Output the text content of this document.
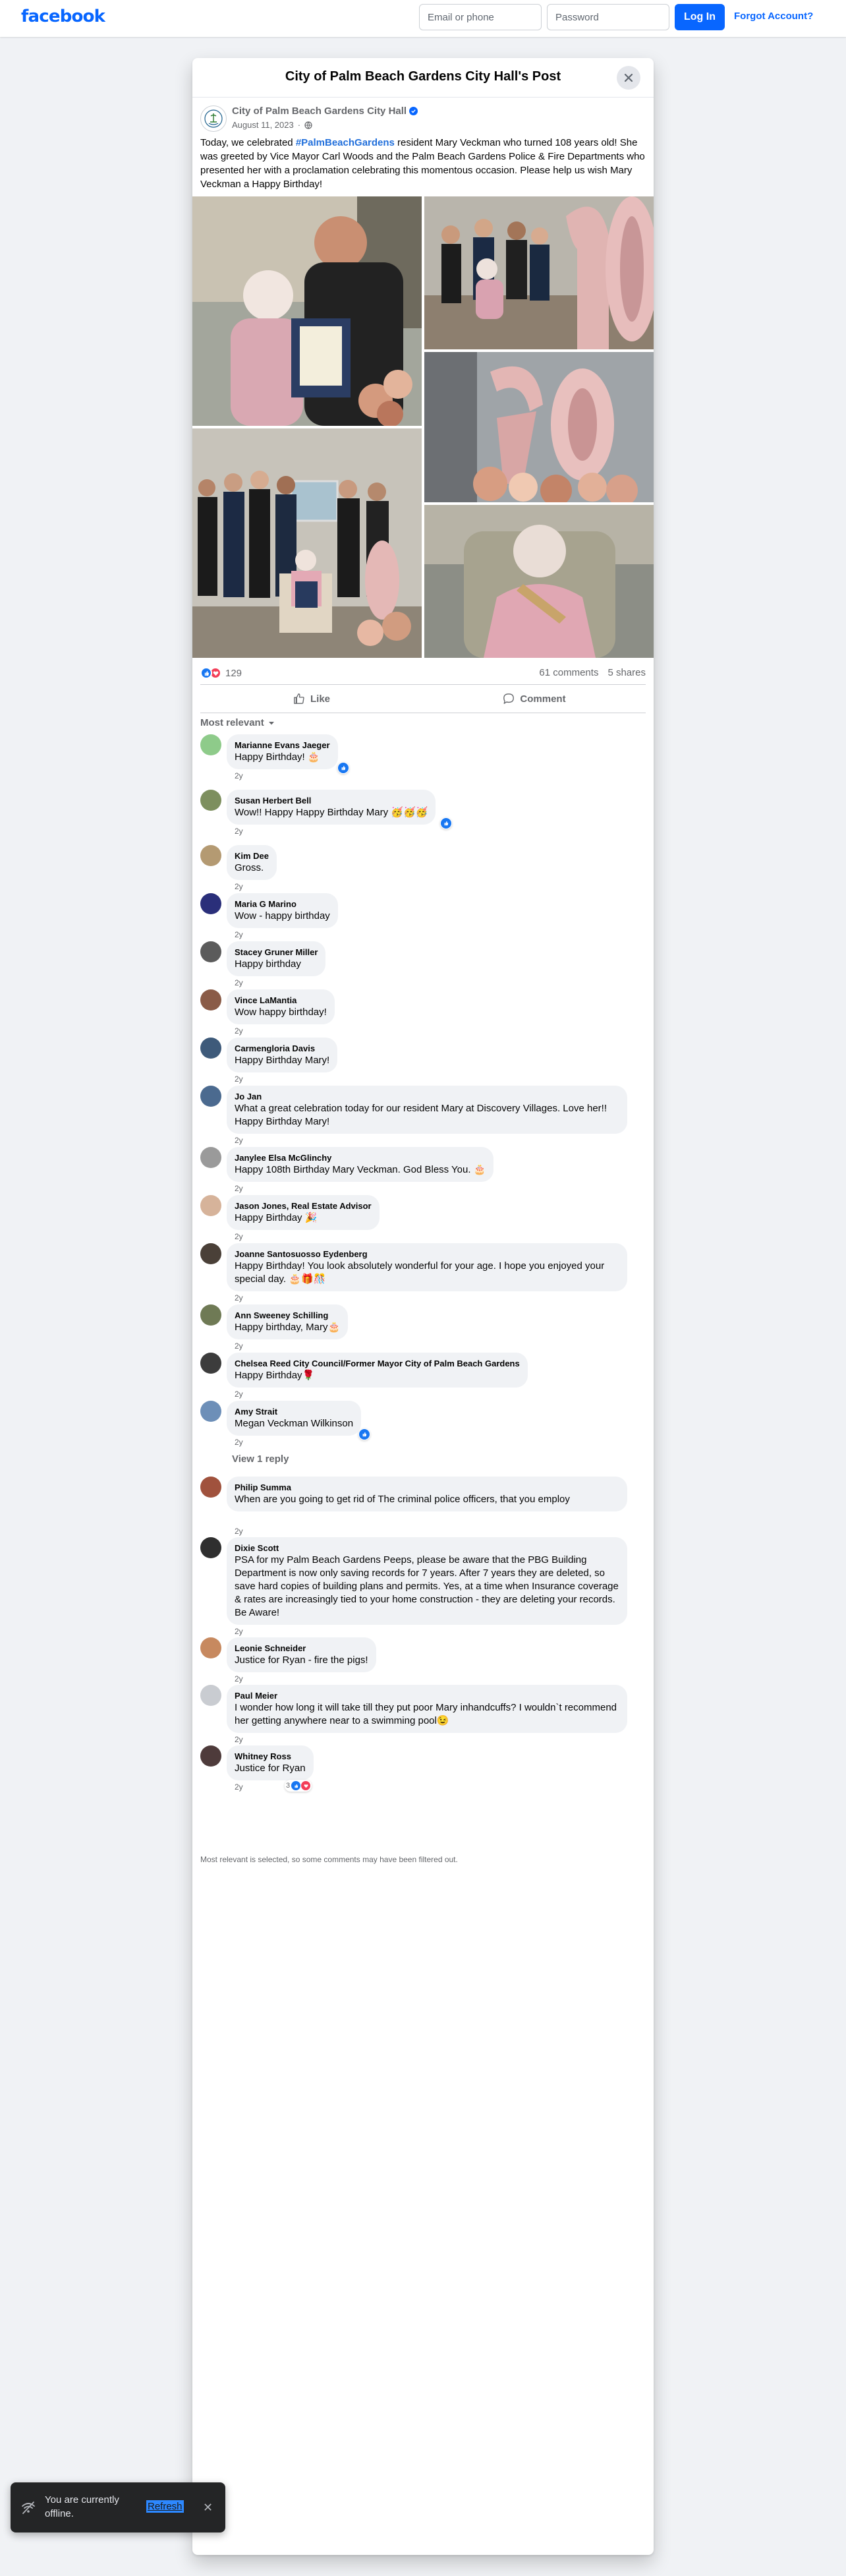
facebook
Email or phone	Log In	Forgot Account?
City of Palm Beach Gardens City Hall's Post
City of Palm Beach Gardens City Hall
August 11, 2023 ·
Today, we celebrated #PalmBeachGardens resident Mary Veckman who turned 108 years old! She was greeted by Vice Mayor Carl Woods and the Palm Beach Gardens Police & Fire Departments who presented her with a proclamation celebrating this momentous occasion. Please help us wish Mary Veckman a Happy Birthday!
129	61 comments 5 shares
Like	Comment
Most relevant
Marianne Evans Jaeger
Happy Birthday! 🎂
2y
Susan Herbert Bell
Wow!! Happy Happy Birthday Mary 🥳🥳🥳
2y
Kim Dee
Gross.
2y
Maria G Marino
Wow - happy birthday
2y
Stacey Gruner Miller
Happy birthday
2y
Vince LaMantia
Wow happy birthday!
2y
Carmengloria Davis
Happy Birthday Mary!
2y
Jo Jan
What a great celebration today for our resident Mary at Discovery Villages. Love her!! Happy Birthday Mary!
2y
Janylee Elsa McGlinchy
Happy 108th Birthday Mary Veckman. God Bless You. 🎂
2y
Jason Jones, Real Estate Advisor
Happy Birthday 🎉
2y
Joanne Santosuosso Eydenberg
Happy Birthday! You look absolutely wonderful for your age. I hope you enjoyed your special day. 🎂🎁🎊
2y
Ann Sweeney Schilling
Happy birthday, Mary🎂
2y
Chelsea Reed City Council/Former Mayor City of Palm Beach Gardens
Happy Birthday🌹
2y
Amy Strait
Megan Veckman Wilkinson
2y
View 1 reply
Philip Summa
When are you going to get rid of The criminal police officers, that you employ
2y
Dixie Scott
PSA for my Palm Beach Gardens Peeps, please be aware that the PBG Building Department is now only saving records for 7 years. After 7 years they are deleted, so save hard copies of building plans and permits. Yes, at a time when Insurance coverage & rates are increasingly tied to your home construction - they are deleting your records. Be Aware!
2y
Leonie Schneider
Justice for Ryan - fire the pigs!
2y
Paul Meier
I wonder how long it will take till they put poor Mary inhandcuffs? I wouldn`t recommend her getting anywhere near to a swimming pool😉
2y
Whitney Ross
Justice for Ryan
2y	3
Most relevant is selected, so some comments may have been filtered out.
You are currently offline.
Refresh ✕
